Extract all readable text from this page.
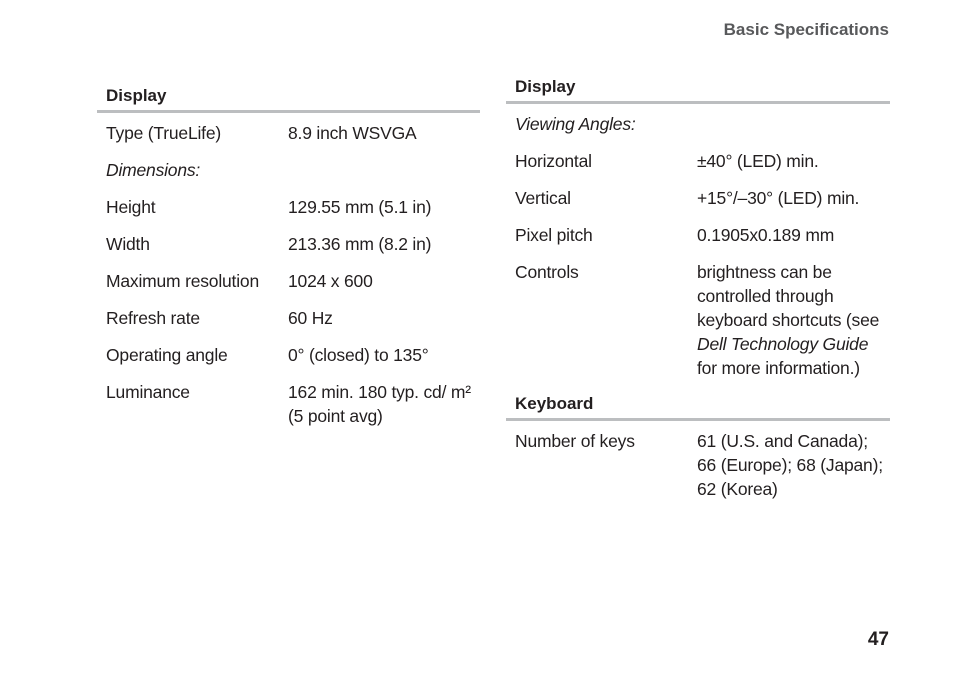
Basic Specifications
Display
Type (TrueLife)	8.9 inch WSVGA
Dimensions:
Height	129.55 mm (5.1 in)
Width	213.36 mm (8.2 in)
Maximum resolution	1024 x 600
Refresh rate	60 Hz
Operating angle	0° (closed) to 135°
Luminance	162 min. 180 typ. cd/ m² (5 point avg)
Display
Viewing Angles:
Horizontal	±40° (LED) min.
Vertical	+15°/–30° (LED) min.
Pixel pitch	0.1905x0.189 mm
Controls	brightness can be controlled through keyboard shortcuts (see Dell Technology Guide for more information.)
Keyboard
Number of keys	61 (U.S. and Canada); 66 (Europe); 68 (Japan); 62 (Korea)
47
